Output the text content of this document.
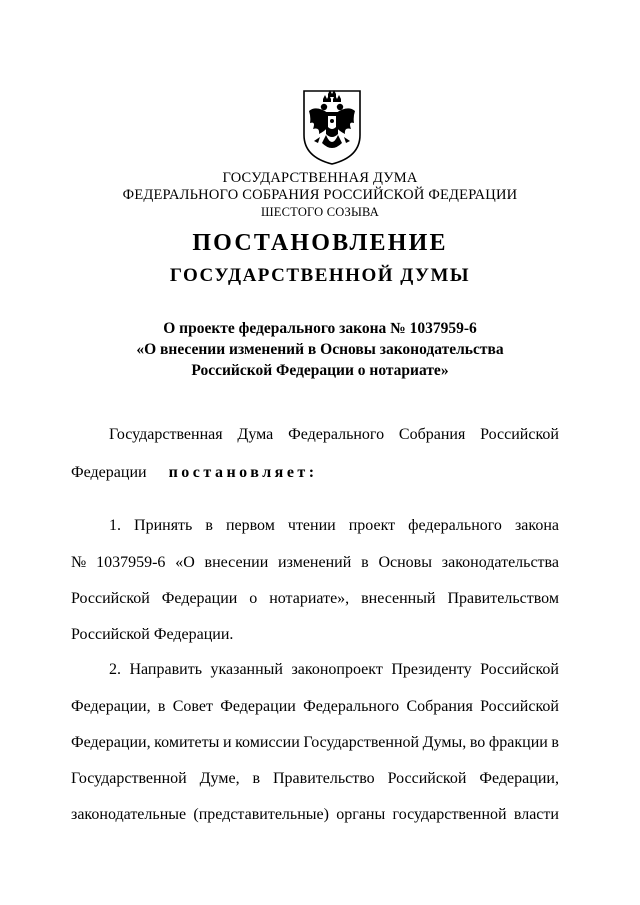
ГОСУДАРСТВЕННАЯ ДУМА
ФЕДЕРАЛЬНОГО СОБРАНИЯ РОССИЙСКОЙ ФЕДЕРАЦИИ
ШЕСТОГО СОЗЫВА
ПОСТАНОВЛЕНИЕ
ГОСУДАРСТВЕННОЙ ДУМЫ
О проекте федерального закона № 1037959-6
«О внесении изменений в Основы законодательства
Российской Федерации о нотариате»
Государственная Дума Федерального Собрания Российской
Федерации постановляет:
1. Принять в первом чтении проект федерального закона
№ 1037959-6 «О внесении изменений в Основы законодательства
Российской Федерации о нотариате», внесенный Правительством
Российской Федерации.
2. Направить указанный законопроект Президенту Российской
Федерации, в Совет Федерации Федерального Собрания Российской
Федерации, комитеты и комиссии Государственной Думы, во фракции в
Государственной Думе, в Правительство Российской Федерации,
законодательные (представительные) органы государственной власти
